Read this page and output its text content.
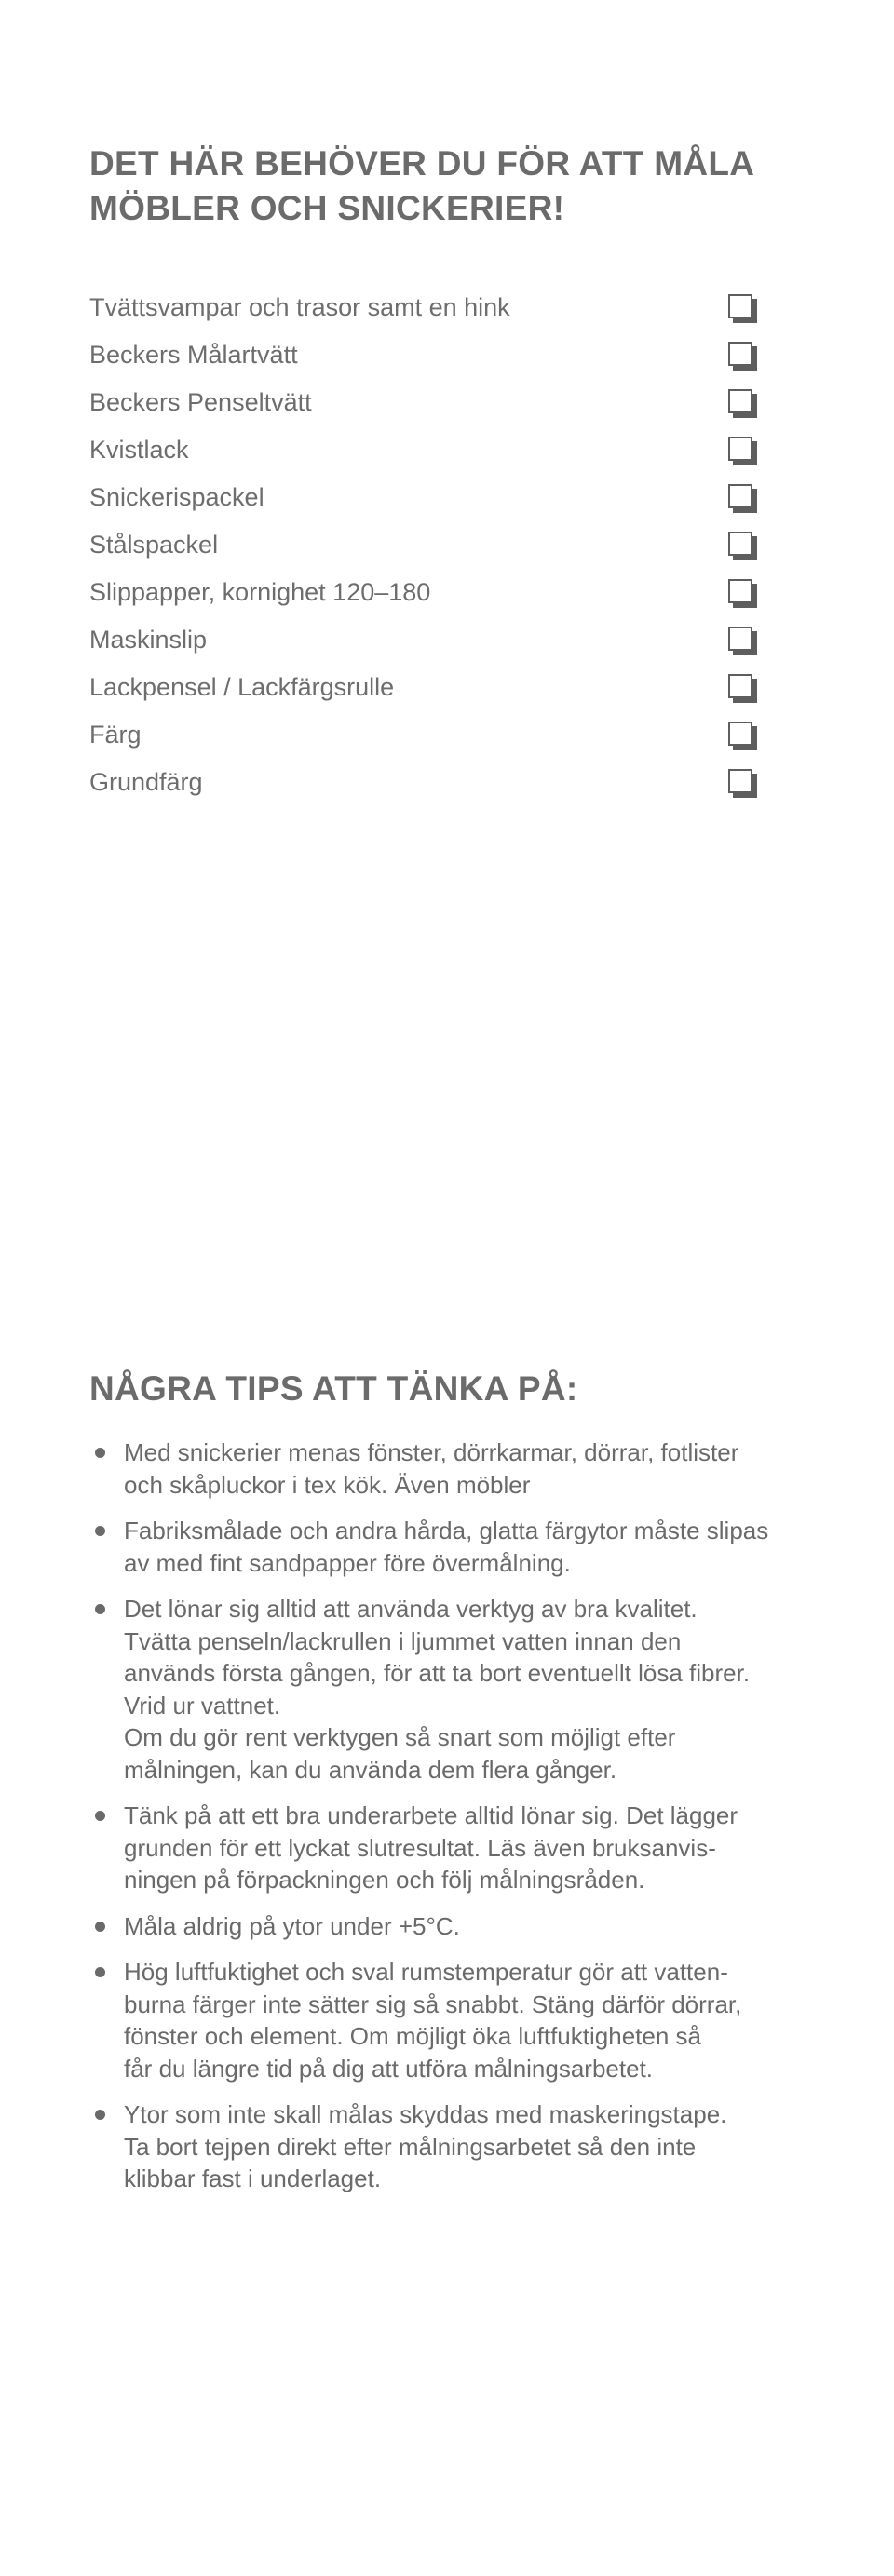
DET HÄR BEHÖVER DU FÖR ATT MÅLA
MÖBLER OCH SNICKERIER!
Tvättsvampar och trasor samt en hink
Beckers Målartvätt
Beckers Penseltvätt
Kvistlack
Snickerispackel
Stålspackel
Slippapper, kornighet 120–180
Maskinslip
Lackpensel / Lackfärgsrulle
Färg
Grundfärg
NÅGRA TIPS ATT TÄNKA PÅ:
Med snickerier menas fönster, dörrkarmar, dörrar, fotlister
och skåpluckor i tex kök. Även möbler
Fabriksmålade och andra hårda, glatta färgytor måste slipas
av med fint sandpapper före övermålning.
Det lönar sig alltid att använda verktyg av bra kvalitet.
Tvätta penseln/lackrullen i ljummet vatten innan den
används första gången, för att ta bort eventuellt lösa fibrer.
Vrid ur vattnet.
Om du gör rent verktygen så snart som möjligt efter
målningen, kan du använda dem flera gånger.
Tänk på att ett bra underarbete alltid lönar sig. Det lägger
grunden för ett lyckat slutresultat. Läs även bruksanvis-
ningen på förpackningen och följ målningsråden.
Måla aldrig på ytor under +5°C.
Hög luftfuktighet och sval rumstemperatur gör att vatten-
burna färger inte sätter sig så snabbt. Stäng därför dörrar,
fönster och element. Om möjligt öka luftfuktigheten så
får du längre tid på dig att utföra målningsarbetet.
Ytor som inte skall målas skyddas med maskeringstape.
Ta bort tejpen direkt efter målningsarbetet så den inte
klibbar fast i underlaget.
